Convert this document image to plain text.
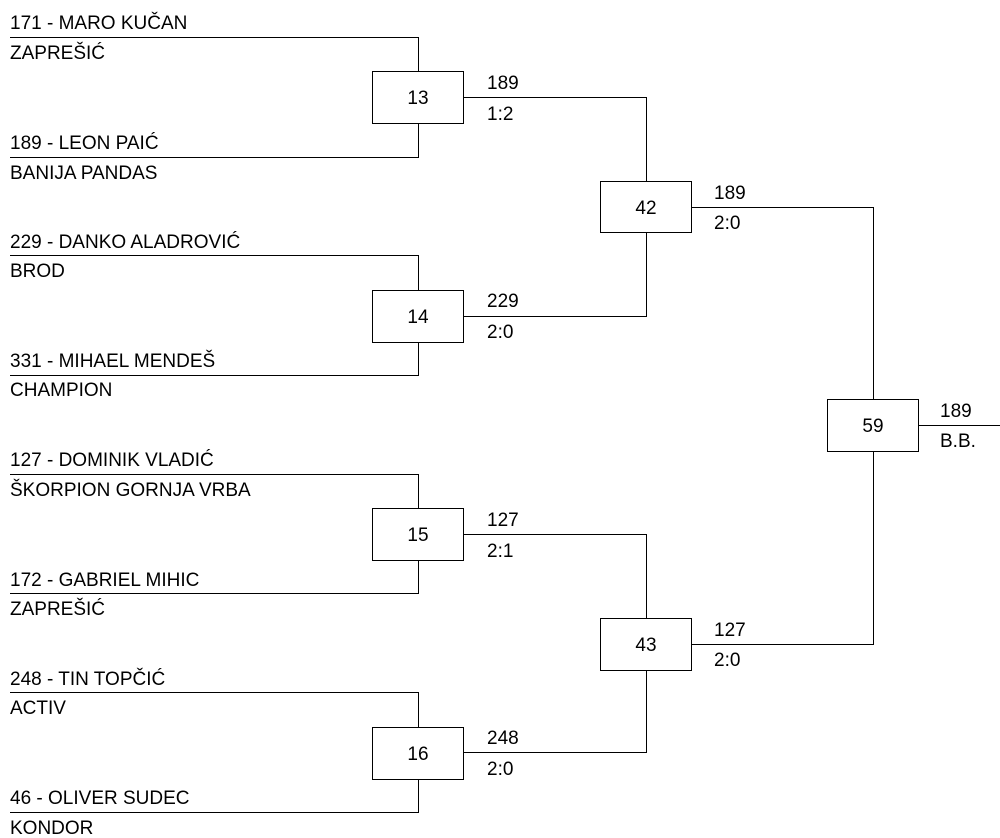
171 - MARO KUČAN
ZAPREŠIĆ
189 - LEON PAIĆ
BANIJA PANDAS
13
189
1:2
229 - DANKO ALADROVIĆ
BROD
331 - MIHAEL MENDEŠ
CHAMPION
14
229
2:0
42
189
2:0
127 - DOMINIK VLADIĆ
ŠKORPION GORNJA VRBA
172 - GABRIEL MIHIC
ZAPREŠIĆ
15
127
2:1
248 - TIN TOPČIĆ
ACTIV
46 - OLIVER SUDEC
KONDOR
16
248
2:0
43
127
2:0
59
189
B.B.
